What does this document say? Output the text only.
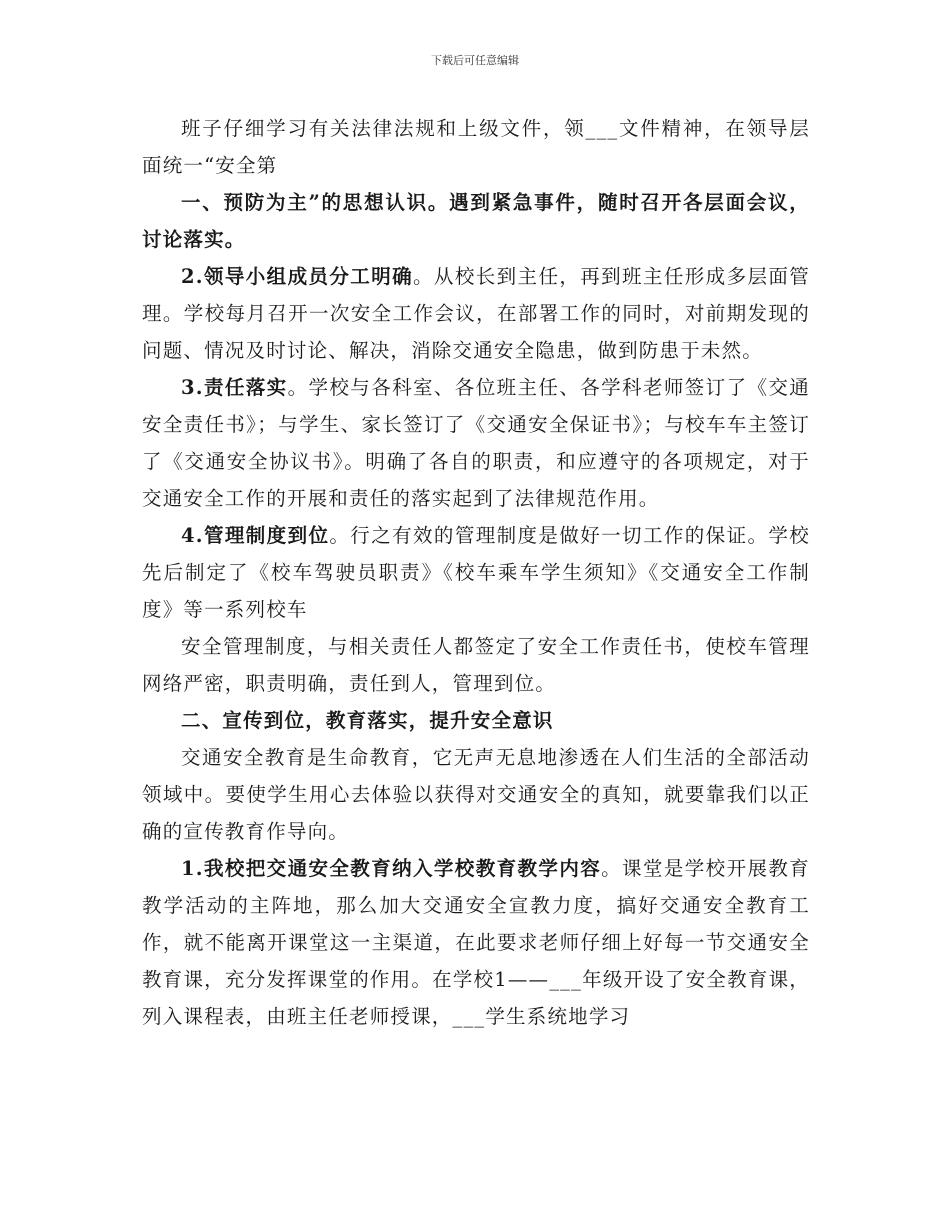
下载后可任意编辑

班子仔细学习有关法律法规和上级文件，领___文件精神，在领导层面统一“安全第

一、预防为主”的思想认识。遇到紧急事件，随时召开各层面会议，讨论落实。

2.领导小组成员分工明确。从校长到主任，再到班主任形成多层面管理。学校每月召开一次安全工作会议，在部署工作的同时，对前期发现的问题、情况及时讨论、解决，消除交通安全隐患，做到防患于未然。

3.责任落实。学校与各科室、各位班主任、各学科老师签订了《交通安全责任书》；与学生、家长签订了《交通安全保证书》；与校车车主签订了《交通安全协议书》。明确了各自的职责，和应遵守的各项规定，对于交通安全工作的开展和责任的落实起到了法律规范作用。

4.管理制度到位。行之有效的管理制度是做好一切工作的保证。学校先后制定了《校车驾驶员职责》《校车乘车学生须知》《交通安全工作制度》等一系列校车

安全管理制度，与相关责任人都签定了安全工作责任书，使校车管理网络严密，职责明确，责任到人，管理到位。

二、宣传到位，教育落实，提升安全意识

交通安全教育是生命教育，它无声无息地渗透在人们生活的全部活动领域中。要使学生用心去体验以获得对交通安全的真知，就要靠我们以正确的宣传教育作导向。

1.我校把交通安全教育纳入学校教育教学内容。课堂是学校开展教育教学活动的主阵地，那么加大交通安全宣教力度，搞好交通安全教育工作，就不能离开课堂这一主渠道，在此要求老师仔细上好每一节交通安全教育课，充分发挥课堂的作用。在学校1——___年级开设了安全教育课，列入课程表，由班主任老师授课，___学生系统地学习
